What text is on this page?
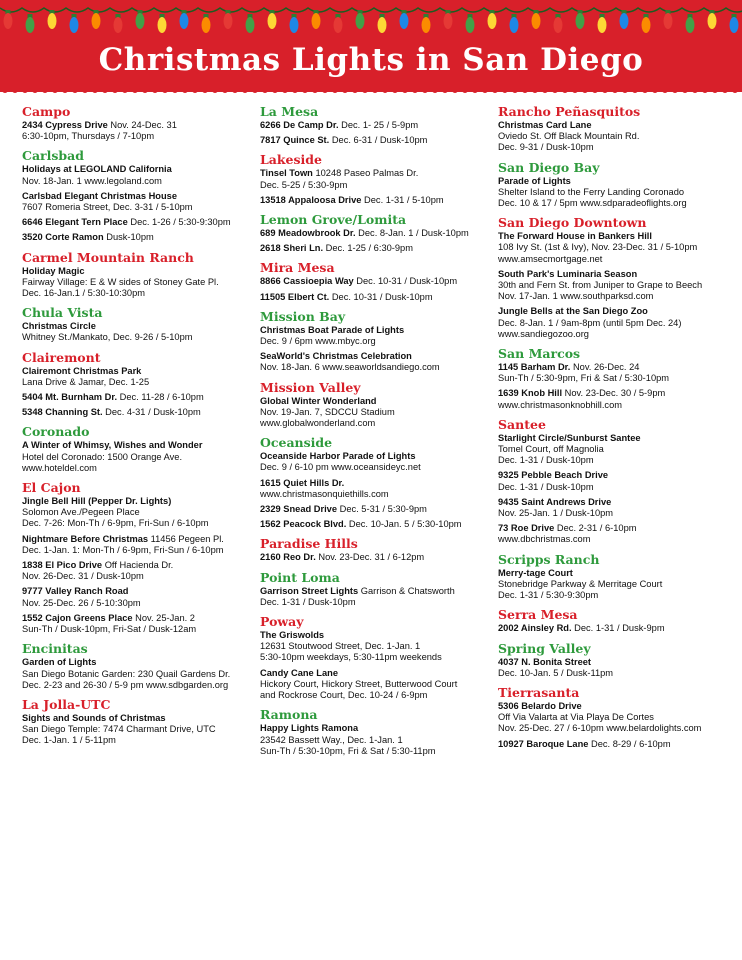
Christmas Lights in San Diego
Campo
2434 Cypress Drive Nov. 24-Dec. 31
6:30-10pm, Thursdays / 7-10pm
Carlsbad
Holidays at LEGOLAND California
Nov. 18-Jan. 1 www.legoland.com
Carlsbad Elegant Christmas House
7607 Romeria Street, Dec. 3-31 / 5-10pm
6646 Elegant Tern Place Dec. 1-26 / 5:30-9:30pm
3520 Corte Ramon Dusk-10pm
Carmel Mountain Ranch
Holiday Magic
Fairway Village: E & W sides of Stoney Gate Pl.
Dec. 16-Jan.1 / 5:30-10:30pm
Chula Vista
Christmas Circle
Whitney St./Mankato, Dec. 9-26 / 5-10pm
Clairemont
Clairemont Christmas Park
Lana Drive & Jamar, Dec. 1-25
5404 Mt. Burnham Dr. Dec. 11-28 / 6-10pm
5348 Channing St. Dec. 4-31 / Dusk-10pm
Coronado
A Winter of Whimsy, Wishes and Wonder
Hotel del Coronado: 1500 Orange Ave.
www.hoteldel.com
El Cajon
Jingle Bell Hill (Pepper Dr. Lights)
Solomon Ave./Pegeen Place
Dec. 7-26: Mon-Th / 6-9pm, Fri-Sun / 6-10pm
Nightmare Before Christmas 11456 Pegeen Pl.
Dec. 1-Jan. 1: Mon-Th / 6-9pm, Fri-Sun / 6-10pm
1838 El Pico Drive Off Hacienda Dr.
Nov. 26-Dec. 31 / Dusk-10pm
9777 Valley Ranch Road
Nov. 25-Dec. 26 / 5-10:30pm
1552 Cajon Greens Place Nov. 25-Jan. 2
Sun-Th / Dusk-10pm, Fri-Sat / Dusk-12am
Encinitas
Garden of Lights
San Diego Botanic Garden: 230 Quail Gardens Dr.
Dec. 2-23 and 26-30 / 5-9 pm www.sdbgarden.org
La Jolla-UTC
Sights and Sounds of Christmas
San Diego Temple: 7474 Charmant Drive, UTC
Dec. 1-Jan. 1 / 5-11pm
La Mesa
6266 De Camp Dr. Dec. 1- 25 / 5-9pm
7817 Quince St. Dec. 6-31 / Dusk-10pm
Lakeside
Tinsel Town 10248 Paseo Palmas Dr.
Dec. 5-25 / 5:30-9pm
13518 Appaloosa Drive Dec. 1-31 / 5-10pm
Lemon Grove/Lomita
689 Meadowbrook Dr. Dec. 8-Jan. 1 / Dusk-10pm
2618 Sheri Ln. Dec. 1-25 / 6:30-9pm
Mira Mesa
8866 Cassioepia Way Dec. 10-31 / Dusk-10pm
11505 Elbert Ct. Dec. 10-31 / Dusk-10pm
Mission Bay
Christmas Boat Parade of Lights
Dec. 9 / 6pm www.mbyc.org
SeaWorld's Christmas Celebration
Nov. 18-Jan. 6 www.seaworldsandiego.com
Mission Valley
Global Winter Wonderland
Nov. 19-Jan. 7, SDCCU Stadium
www.globalwonderland.com
Oceanside
Oceanside Harbor Parade of Lights
Dec. 9 / 6-10 pm www.oceansideyc.net
1615 Quiet Hills Dr.
www.christmasonquiethills.com
2329 Snead Drive Dec. 5-31 / 5:30-9pm
1562 Peacock Blvd. Dec. 10-Jan. 5 / 5:30-10pm
Paradise Hills
2160 Reo Dr. Nov. 23-Dec. 31 / 6-12pm
Point Loma
Garrison Street Lights Garrison & Chatsworth
Dec. 1-31 / Dusk-10pm
Poway
The Griswolds
12631 Stoutwood Street, Dec. 1-Jan. 1
5:30-10pm weekdays, 5:30-11pm weekends
Candy Cane Lane
Hickory Court, Hickory Street, Butterwood Court
and Rockrose Court, Dec. 10-24 / 6-9pm
Ramona
Happy Lights Ramona
23542 Bassett Way., Dec. 1-Jan. 1
Sun-Th / 5:30-10pm, Fri & Sat / 5:30-11pm
Rancho Peñasquitos
Christmas Card Lane
Oviedo St. Off Black Mountain Rd.
Dec. 9-31 / Dusk-10pm
San Diego Bay
Parade of Lights
Shelter Island to the Ferry Landing Coronado
Dec. 10 & 17 / 5pm www.sdparadeoflights.org
San Diego Downtown
The Forward House in Bankers Hill
108 Ivy St. (1st & Ivy), Nov. 23-Dec. 31 / 5-10pm
www.amsecmortgage.net
South Park's Luminaria Season
30th and Fern St. from Juniper to Grape to Beech
Nov. 17-Jan. 1 www.southparksd.com
Jungle Bells at the San Diego Zoo
Dec. 8-Jan. 1 / 9am-8pm (until 5pm Dec. 24)
www.sandiegozoo.org
San Marcos
1145 Barham Dr. Nov. 26-Dec. 24
Sun-Th / 5:30-9pm, Fri & Sat / 5:30-10pm
1639 Knob Hill Nov. 23-Dec. 30 / 5-9pm
www.christmasonknobhill.com
Santee
Starlight Circle/Sunburst Santee
Tomel Court, off Magnolia
Dec. 1-31 / Dusk-10pm
9325 Pebble Beach Drive
Dec. 1-31 / Dusk-10pm
9435 Saint Andrews Drive
Nov. 25-Jan. 1 / Dusk-10pm
73 Roe Drive Dec. 2-31 / 6-10pm
www.dbchristmas.com
Scripps Ranch
Merry-tage Court
Stonebridge Parkway & Merritage Court
Dec. 1-31 / 5:30-9:30pm
Serra Mesa
2002 Ainsley Rd. Dec. 1-31 / Dusk-9pm
Spring Valley
4037 N. Bonita Street
Dec. 10-Jan. 5 / Dusk-11pm
Tierrasanta
5306 Belardo Drive
Off Via Valarta at Via Playa De Cortes
Nov. 25-Dec. 27 / 6-10pm www.belardolights.com
10927 Baroque Lane Dec. 8-29 / 6-10pm
